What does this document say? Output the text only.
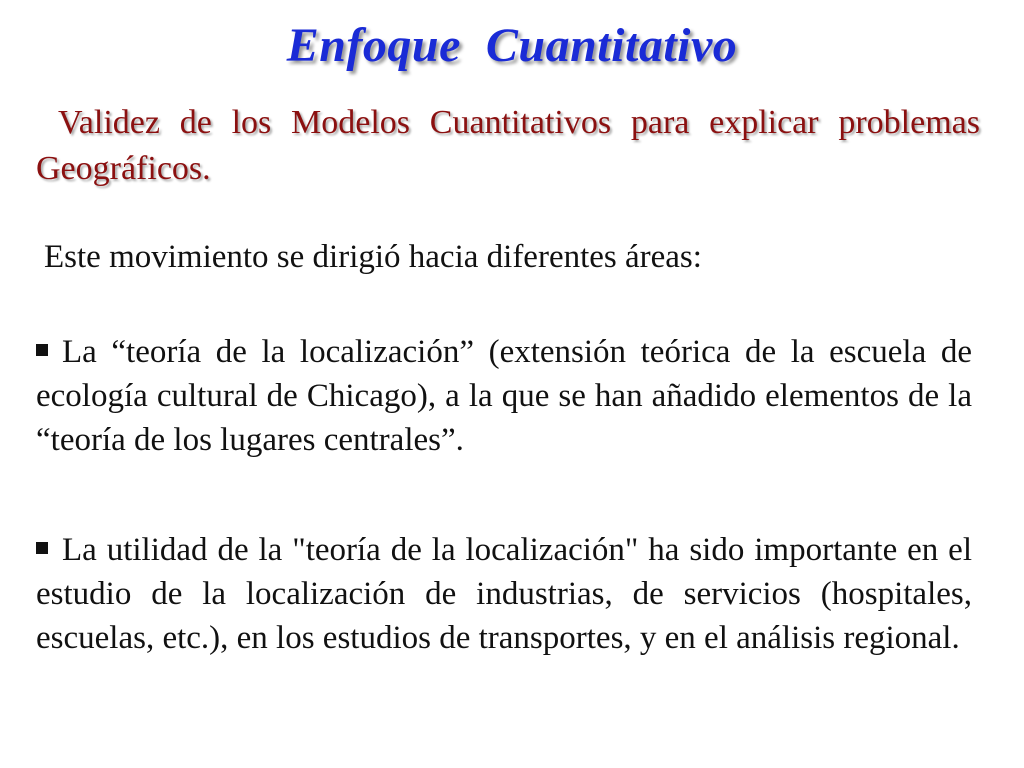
Enfoque  Cuantitativo
Validez de los Modelos Cuantitativos para explicar problemas Geográficos.
Este movimiento se dirigió hacia diferentes áreas:
La “teoría de la localización” (extensión teórica de la escuela de ecología cultural de Chicago), a la que se han añadido elementos de la “teoría de los lugares centrales”.
La utilidad de la "teoría de la localización" ha sido importante en el estudio de la localización de industrias, de servicios (hospitales, escuelas, etc.), en los estudios de transportes, y en el análisis regional.
